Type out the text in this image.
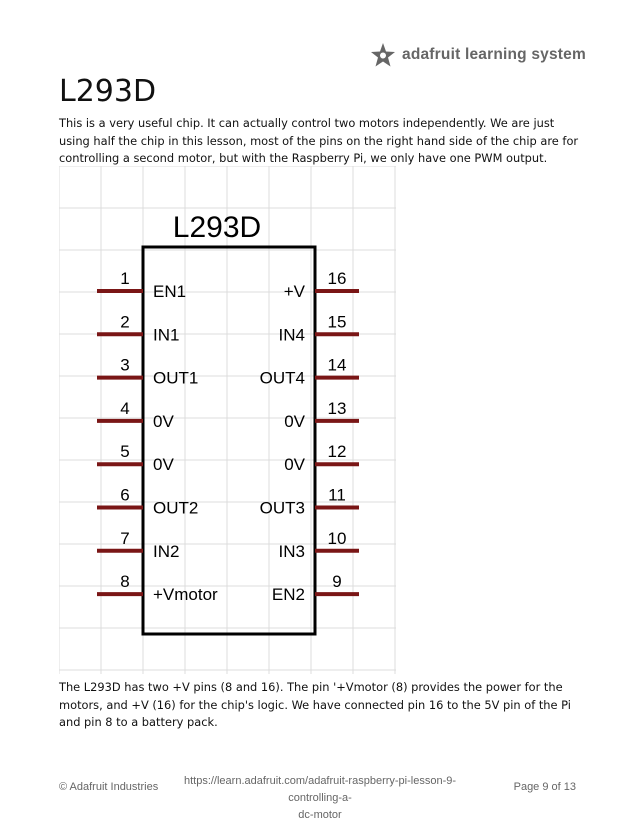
adafruit learning system
L293D

This is a very useful chip. It can actually control two motors independently. We are just using half the chip in this lesson, most of the pins on the right hand side of the chip are for controlling a second motor, but with the Raspberry Pi, we only have one PWM output.

L293D
1
EN1
2
IN1
3
OUT1
4
0V
5
0V
6
OUT2
7
IN2
8
+Vmotor
16
+V
15
IN4
14
OUT4
13
0V
12
0V
11
OUT3
10
IN3
9
EN2

The L293D has two +V pins (8 and 16). The pin '+Vmotor (8) provides the power for the motors, and +V (16) for the chip's logic. We have connected pin 16 to the 5V pin of the Pi and pin 8 to a battery pack.

© Adafruit Industries	https://learn.adafruit.com/adafruit-raspberry-pi-lesson-9-controlling-a-
dc-motor
Page 9 of 13
